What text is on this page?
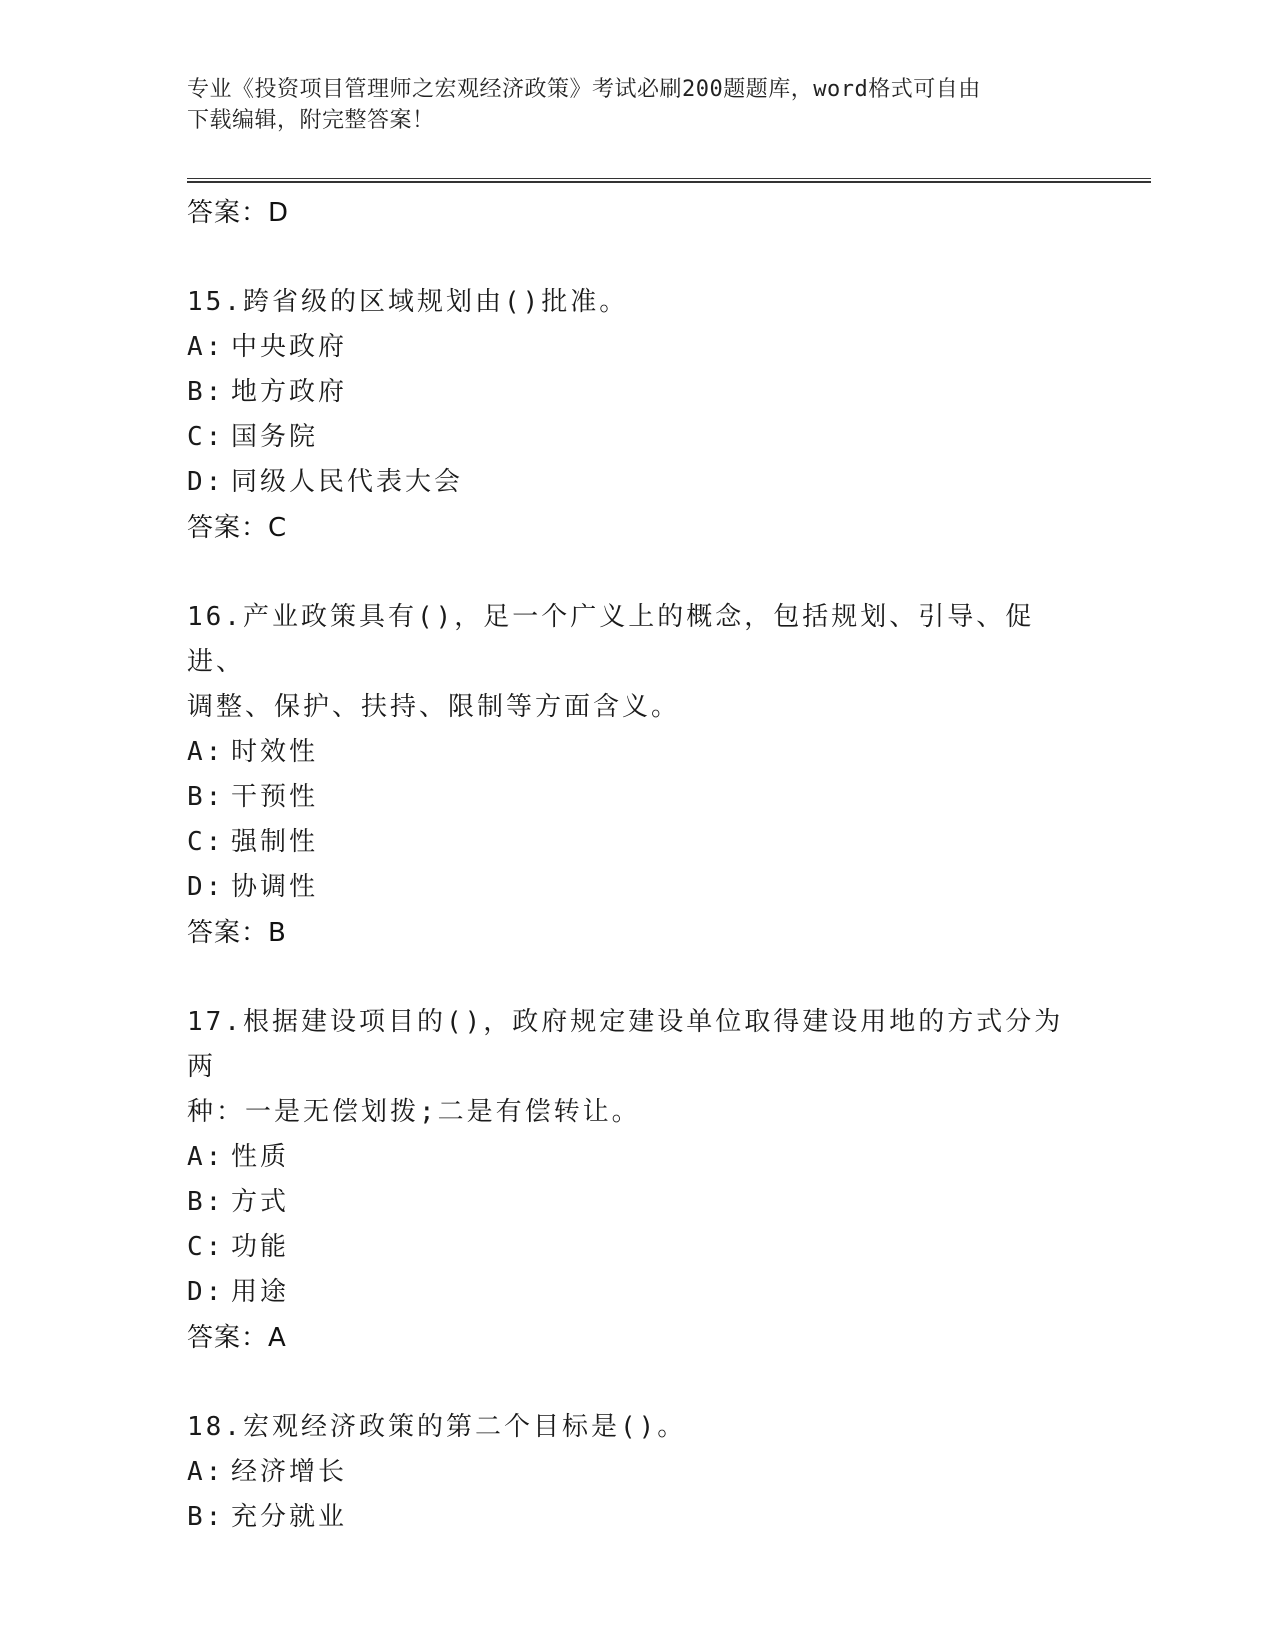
专业《投资项目管理师之宏观经济政策》考试必刷200题题库，word格式可自由
下载编辑，附完整答案！
答案：D
15.跨省级的区域规划由()批准。
A: 中央政府
B: 地方政府
C: 国务院
D: 同级人民代表大会
答案：C
16.产业政策具有()，足一个广义上的概念，包括规划、引导、促进、
调整、保护、扶持、限制等方面含义。
A: 时效性
B: 干预性
C: 强制性
D: 协调性
答案：B
17.根据建设项目的()，政府规定建设单位取得建设用地的方式分为两
种：一是无偿划拨;二是有偿转让。
A: 性质
B: 方式
C: 功能
D: 用途
答案：A
18.宏观经济政策的第二个目标是()。
A: 经济增长
B: 充分就业
